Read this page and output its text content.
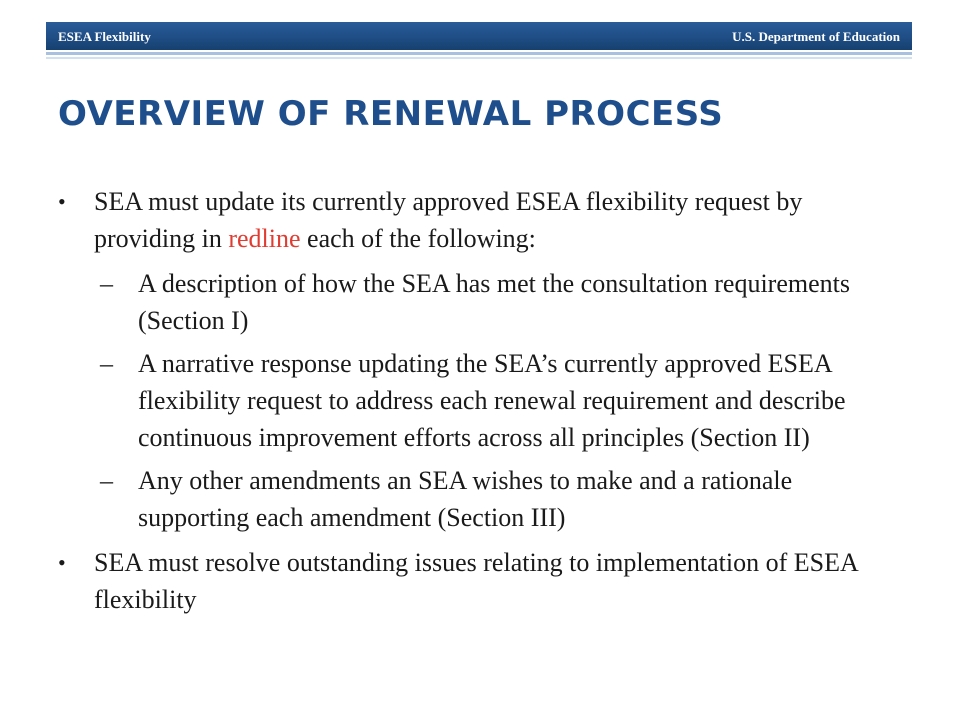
ESEA Flexibility	U.S. Department of Education
OVERVIEW OF RENEWAL PROCESS
•	SEA must update its currently approved ESEA flexibility request by providing in redline each of the following:
– A description of how the SEA has met the consultation requirements (Section I)
– A narrative response updating the SEA’s currently approved ESEA flexibility request to address each renewal requirement and describe continuous improvement efforts across all principles (Section II)
– Any other amendments an SEA wishes to make and a rationale supporting each amendment (Section III)
•	SEA must resolve outstanding issues relating to implementation of ESEA flexibility
